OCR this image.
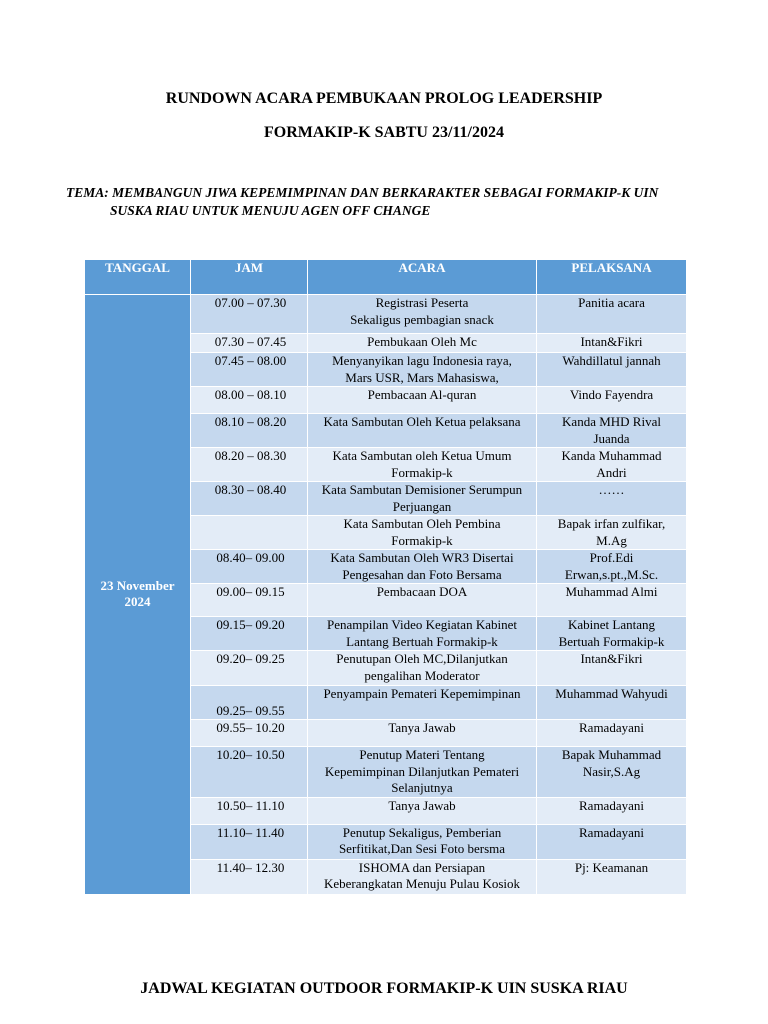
RUNDOWN ACARA PEMBUKAAN PROLOG LEADERSHIP
FORMAKIP-K SABTU 23/11/2024
TEMA: MEMBANGUN JIWA KEPEMIMPINAN DAN BERKARAKTER SEBAGAI FORMAKIP-K UIN
SUSKA RIAU UNTUK MENUJU AGEN OFF CHANGE
TANGGAL	JAM	ACARA	PELAKSANA
23 November 2024	07.00 – 07.30	Registrasi Peserta
Sekaligus pembagian snack	Panitia acara
	07.30 – 07.45	Pembukaan Oleh Mc	Intan&Fikri
	07.45 – 08.00	Menyanyikan lagu Indonesia raya,
Mars USR, Mars Mahasiswa,	Wahdillatul jannah
	08.00 – 08.10	Pembacaan Al-quran	Vindo Fayendra
	08.10 – 08.20	Kata Sambutan Oleh Ketua pelaksana	Kanda MHD Rival
Juanda
	08.20 – 08.30	Kata Sambutan oleh Ketua Umum
Formakip-k	Kanda Muhammad
Andri
	08.30 – 08.40	Kata Sambutan Demisioner Serumpun
Perjuangan	……
		Kata Sambutan Oleh Pembina
Formakip-k	Bapak irfan zulfikar,
M.Ag
	08.40– 09.00	Kata Sambutan Oleh WR3 Disertai
Pengesahan dan Foto Bersama	Prof.Edi
Erwan,s.pt.,M.Sc.
	09.00– 09.15	Pembacaan DOA	Muhammad Almi
	09.15– 09.20	Penampilan Video Kegiatan Kabinet
Lantang Bertuah Formakip-k	Kabinet Lantang
Bertuah Formakip-k
	09.20– 09.25	Penutupan Oleh MC,Dilanjutkan
pengalihan Moderator	Intan&Fikri
	09.25– 09.55	Penyampain Pemateri Kepemimpinan	Muhammad Wahyudi
	09.55– 10.20	Tanya Jawab	Ramadayani
	10.20– 10.50	Penutup Materi Tentang
Kepemimpinan Dilanjutkan Pemateri
Selanjutnya	Bapak Muhammad
Nasir,S.Ag
	10.50– 11.10	Tanya Jawab	Ramadayani
	11.10– 11.40	Penutup Sekaligus, Pemberian
Serfitikat,Dan Sesi Foto bersma	Ramadayani
	11.40– 12.30	ISHOMA dan Persiapan
Keberangkatan Menuju Pulau Kosiok	Pj: Keamanan
JADWAL KEGIATAN OUTDOOR FORMAKIP-K UIN SUSKA RIAU
